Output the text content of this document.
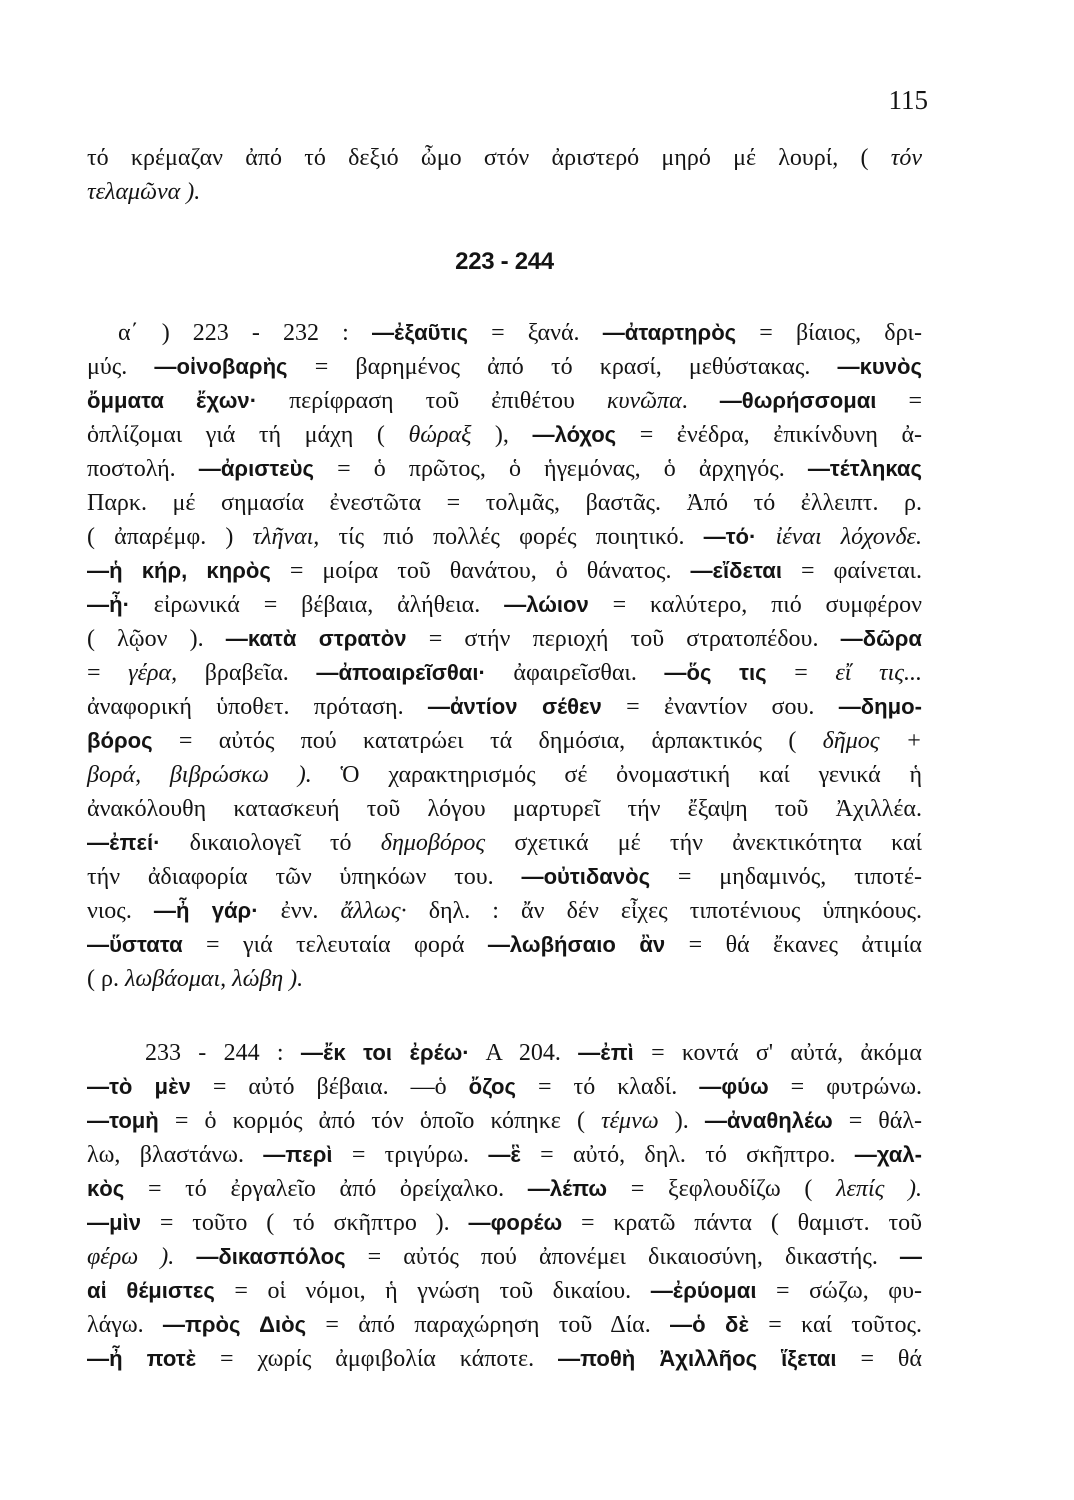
115
τό κρέμαζαν ἀπό τό δεξιό ὦμο στόν ἀριστερό μηρό μέ λουρί, ( τόν
τελαμῶνα ).
223 - 244
α΄ ) 223 - 232 : —ἐξαῦτις = ξανά. —ἀταρτηρὸς = βίαιος, δρι-
μύς. —οἰνοβαρὴς = βαρημένος ἀπό τό κρασί, μεθύστακας. —κυνὸς
ὄμματα ἔχων· περίφραση τοῦ ἐπιθέτου κυνῶπα. —θωρήσσομαι =
ὁπλίζομαι γιά τή μάχη ( θώραξ ), —λόχος = ἐνέδρα, ἐπικίνδυνη ἀ-
ποστολή. —ἀριστεὺς = ὁ πρῶτος, ὁ ἡγεμόνας, ὁ ἀρχηγός. —τέτληκας
Παρκ. μέ σημασία ἐνεστῶτα = τολμᾶς, βαστᾶς. Ἀπό τό ἐλλειπτ. ρ.
( ἀπαρέμφ. ) τλῆναι, τίς πιό πολλές φορές ποιητικό. —τό· ἰέναι λόχονδε.
—ἡ κήρ, κηρὸς = μοίρα τοῦ θανάτου, ὁ θάνατος. —εἴδεται = φαίνεται.
—ἦ· εἰρωνικά = βέβαια, ἀλήθεια. —λώιον = καλύτερο, πιό συμφέρον
( λῷον ). —κατὰ στρατὸν = στήν περιοχή τοῦ στρατοπέδου. —δῶρα
= γέρα, βραβεῖα. —ἀποαιρεῖσθαι· ἀφαιρεῖσθαι. —ὅς τις = εἴ τις...
ἀναφορική ὑποθετ. πρόταση. —ἀντίον σέθεν = ἐναντίον σου. —δημο-
βόρος = αὐτός πού κατατρώει τά δημόσια, ἁρπακτικός ( δῆμος +
βορά, βιβρώσκω ). Ὁ χαρακτηρισμός σέ ὀνομαστική καί γενικά ἡ
ἀνακόλουθη κατασκευή τοῦ λόγου μαρτυρεῖ τήν ἔξαψη τοῦ Ἀχιλλέα.
—ἐπεί· δικαιολογεῖ τό δημοβόρος σχετικά μέ τήν ἀνεκτικότητα καί
τήν ἀδιαφορία τῶν ὑπηκόων του. —οὐτιδανὸς = μηδαμινός, τιποτέ-
νιος. —ἦ γάρ· ἐνν. ἄλλως· δηλ. : ἄν δέν εἶχες τιποτένιους ὑπηκόους.
—ὕστατα = γιά τελευταία φορά —λωβήσαιο ἂν = θά ἔκανες ἀτιμία
( ρ. λωβάομαι, λώβη ).
233 - 244 : —ἔκ τοι ἐρέω· Α 204. —ἐπὶ = κοντά σ' αὐτά, ἀκόμα
—τὸ μὲν = αὐτό βέβαια. —ὁ ὄζος = τό κλαδί. —φύω = φυτρώνω.
—τομὴ = ὁ κορμός ἀπό τόν ὁποῖο κόπηκε ( τέμνω ). —ἀναθηλέω = θάλ-
λω, βλαστάνω. —περὶ = τριγύρω. —ἓ = αὐτό, δηλ. τό σκῆπτρο. —χαλ-
κὸς = τό ἐργαλεῖο ἀπό ὀρείχαλκο. —λέπω = ξεφλουδίζω ( λεπίς ).
—μὶν = τοῦτο ( τό σκῆπτρο ). —φορέω = κρατῶ πάντα ( θαμιστ. τοῦ
φέρω ). —δικασπόλος = αὐτός πού ἀπονέμει δικαιοσύνη, δικαστής. —
αἱ θέμιστες = οἱ νόμοι, ἡ γνώση τοῦ δικαίου. —ἐρύομαι = σώζω, φυ-
λάγω. —πρὸς Διὸς = ἀπό παραχώρηση τοῦ Δία. —ὁ δὲ = καί τοῦτος.
—ἦ ποτὲ = χωρίς ἀμφιβολία κάποτε. —ποθὴ Ἀχιλλῆος ἵξεται = θά
